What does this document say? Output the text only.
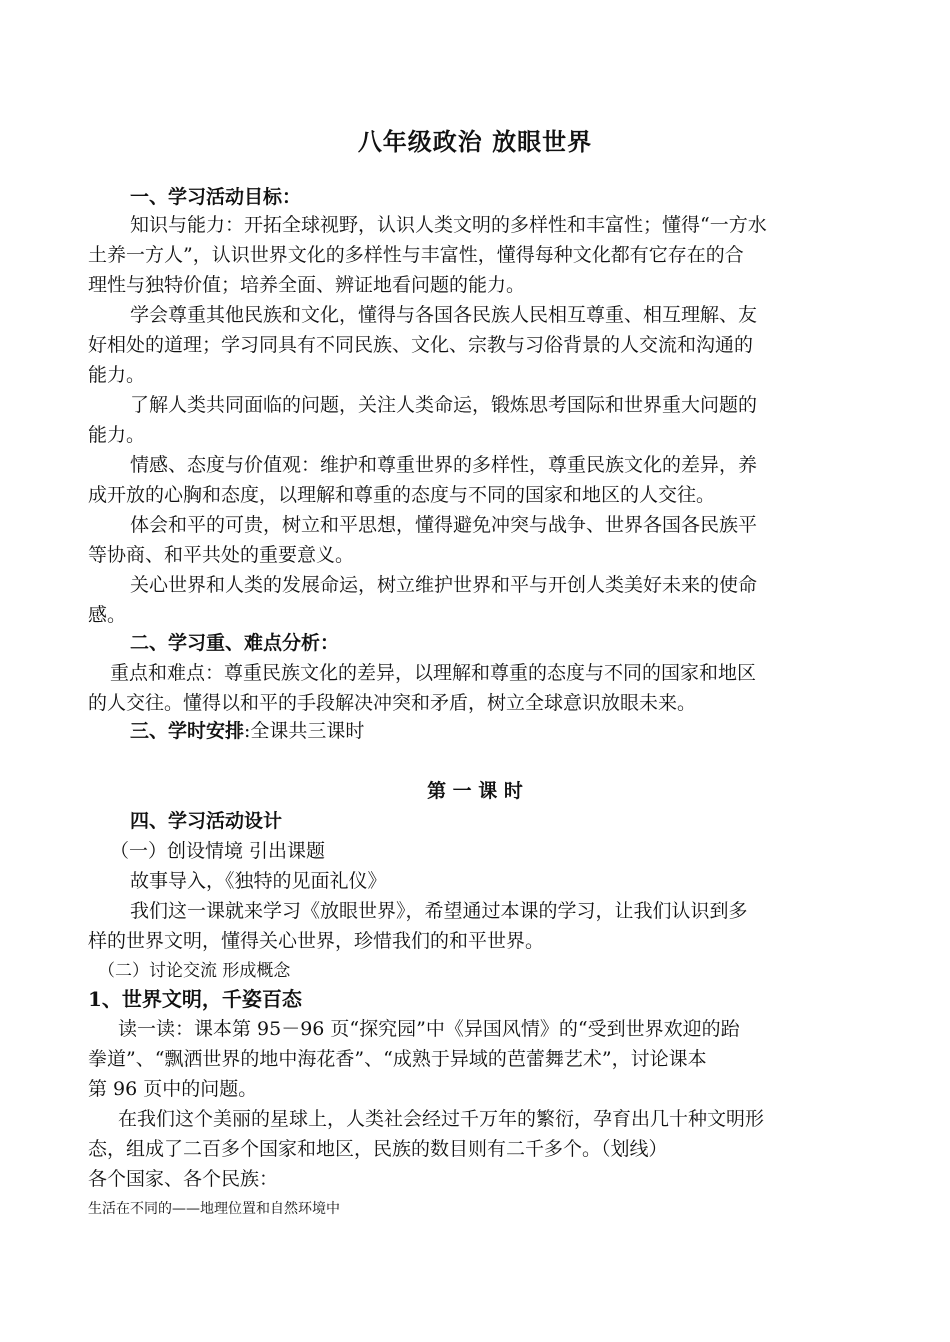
八年级政治 放眼世界
一、学习活动目标：
知识与能力：开拓全球视野，认识人类文明的多样性和丰富性；懂得“一方水
土养一方人”，认识世界文化的多样性与丰富性，懂得每种文化都有它存在的合
理性与独特价值；培养全面、辨证地看问题的能力。
学会尊重其他民族和文化，懂得与各国各民族人民相互尊重、相互理解、友
好相处的道理；学习同具有不同民族、文化、宗教与习俗背景的人交流和沟通的
能力。
了解人类共同面临的问题，关注人类命运，锻炼思考国际和世界重大问题的
能力。
情感、态度与价值观：维护和尊重世界的多样性，尊重民族文化的差异，养
成开放的心胸和态度，以理解和尊重的态度与不同的国家和地区的人交往。
体会和平的可贵，树立和平思想，懂得避免冲突与战争、世界各国各民族平
等协商、和平共处的重要意义。
关心世界和人类的发展命运，树立维护世界和平与开创人类美好未来的使命
感。
二、学习重、难点分析：
重点和难点：尊重民族文化的差异，以理解和尊重的态度与不同的国家和地区
的人交往。懂得以和平的手段解决冲突和矛盾，树立全球意识放眼未来。
三、学时安排:全课共三课时
第 一 课 时
四、学习活动设计
（一）创设情境 引出课题
故事导入，《独特的见面礼仪》
我们这一课就来学习《放眼世界》，希望通过本课的学习，让我们认识到多
样的世界文明，懂得关心世界，珍惜我们的和平世界。
（二）讨论交流 形成概念
1、世界文明，千姿百态
读一读：课本第 95－96 页“探究园”中《异国风情》的“受到世界欢迎的跆
拳道”、“飘洒世界的地中海花香”、“成熟于异域的芭蕾舞艺术”，讨论课本
第 96 页中的问题。
在我们这个美丽的星球上，人类社会经过千万年的繁衍，孕育出几十种文明形
态，组成了二百多个国家和地区，民族的数目则有二千多个。（划线）
各个国家、各个民族：
生活在不同的——地理位置和自然环境中
